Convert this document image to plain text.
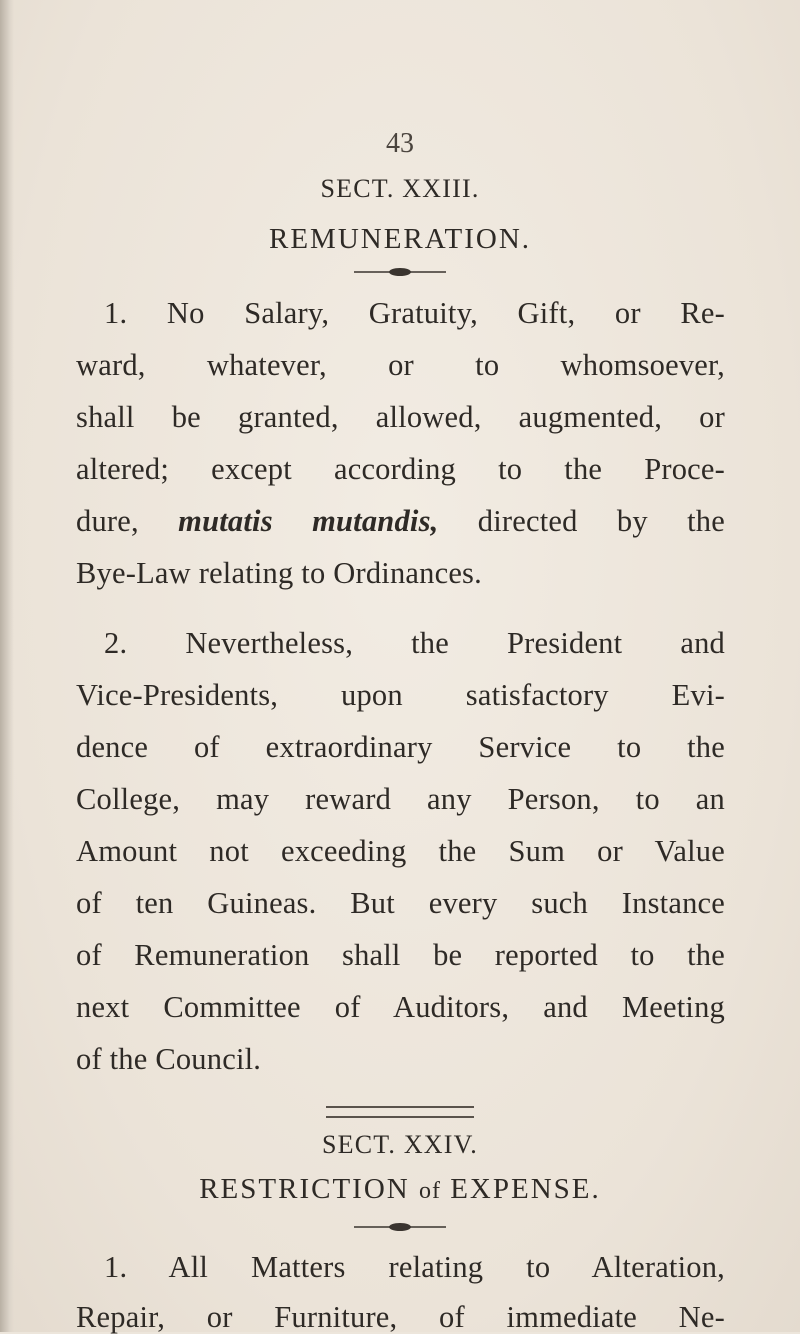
43
SECT. XXIII.
REMUNERATION.
1. No Salary, Gratuity, Gift, or Re-
ward, whatever, or to whomsoever,
shall be granted, allowed, augmented, or
altered; except according to the Proce-
dure, mutatis mutandis, directed by the
Bye-Law relating to Ordinances.
2. Nevertheless, the President and
Vice-Presidents, upon satisfactory Evi-
dence of extraordinary Service to the
College, may reward any Person, to an
Amount not exceeding the Sum or Value
of ten Guineas. But every such Instance
of Remuneration shall be reported to the
next Committee of Auditors, and Meeting
of the Council.
SECT. XXIV.
RESTRICTION of EXPENSE.
1. All Matters relating to Alteration,
Repair, or Furniture, of immediate Ne-
